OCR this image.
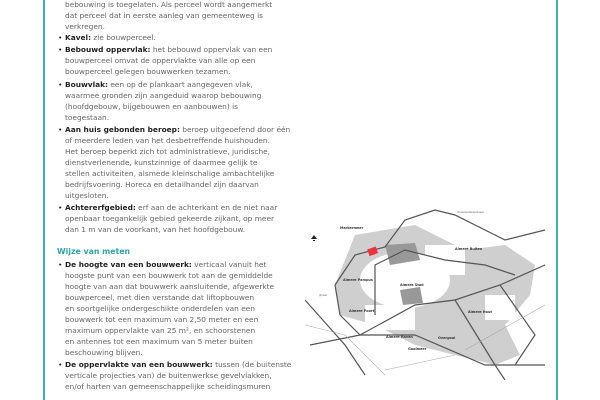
bebouwing is toegelaten. Als perceel wordt aangemerkt
dat perceel dat in eerste aanleg van gemeenteweg is
verkregen.
• Kavel: zie bouwperceel.
• Bebouwd oppervlak: het bebouwd oppervlak van een
bouwperceel omvat de oppervlakte van alle op een
bouwperceel gelegen bouwwerken tezamen.
• Bouwvlak: een op de plankaart aangegeven vlak,
waarmee gronden zijn aangeduid waarop bebouwing
(hoofdgebouw, bijgebouwen en aanbouwen) is
toegestaan.
• Aan huis gebonden beroep: beroep uitgeoefend door één
of meerdere leden van het desbetreffende huishouden.
Het beroep beperkt zich tot administratieve, juridische,
dienstverlenende, kunstzinnige of daarmee gelijk te
stellen activiteiten, alsmede kleinschalige ambachtelijke
bedrijfsvoering. Horeca en detailhandel zijn daarvan
uitgesloten.
• Achtererfgebied: erf aan de achterkant en de niet naar
openbaar toegankelijk gebied gekeerde zijkant, op meer
dan 1 m van de voorkant, van het hoofdgebouw.
Wijze van meten
• De hoogte van een bouwwerk: verticaal vanuit het
hoogste punt van een bouwwerk tot aan de gemiddelde
hoogte van aan dat bouwwerk aansluitende, afgewerkte
bouwperceel, met dien verstande dat liftopbouwen
en soortgelijke ondergeschikte onderdelen van een
bouwwerk tot een maximum van 2,50 meter en een
maximum oppervlakte van 25 m², en schoorstenen
en antennes tot een maximum van 5 meter buiten
beschouwing blijven.
• De oppervlakte van een bouwwerk: tussen (de buitenste
verticale projecties van) de buitenwerkse gevelvlakken,
en/of harten van gemeenschappelijke scheidingsmuren
Markermeer
Oostvaardersplassen
Almere Buiten
Almere Pampus
Almere Stad
IJmeer
Almere Poort	Almere Hout
Almere Haven	Overgooi
Gooimeer
